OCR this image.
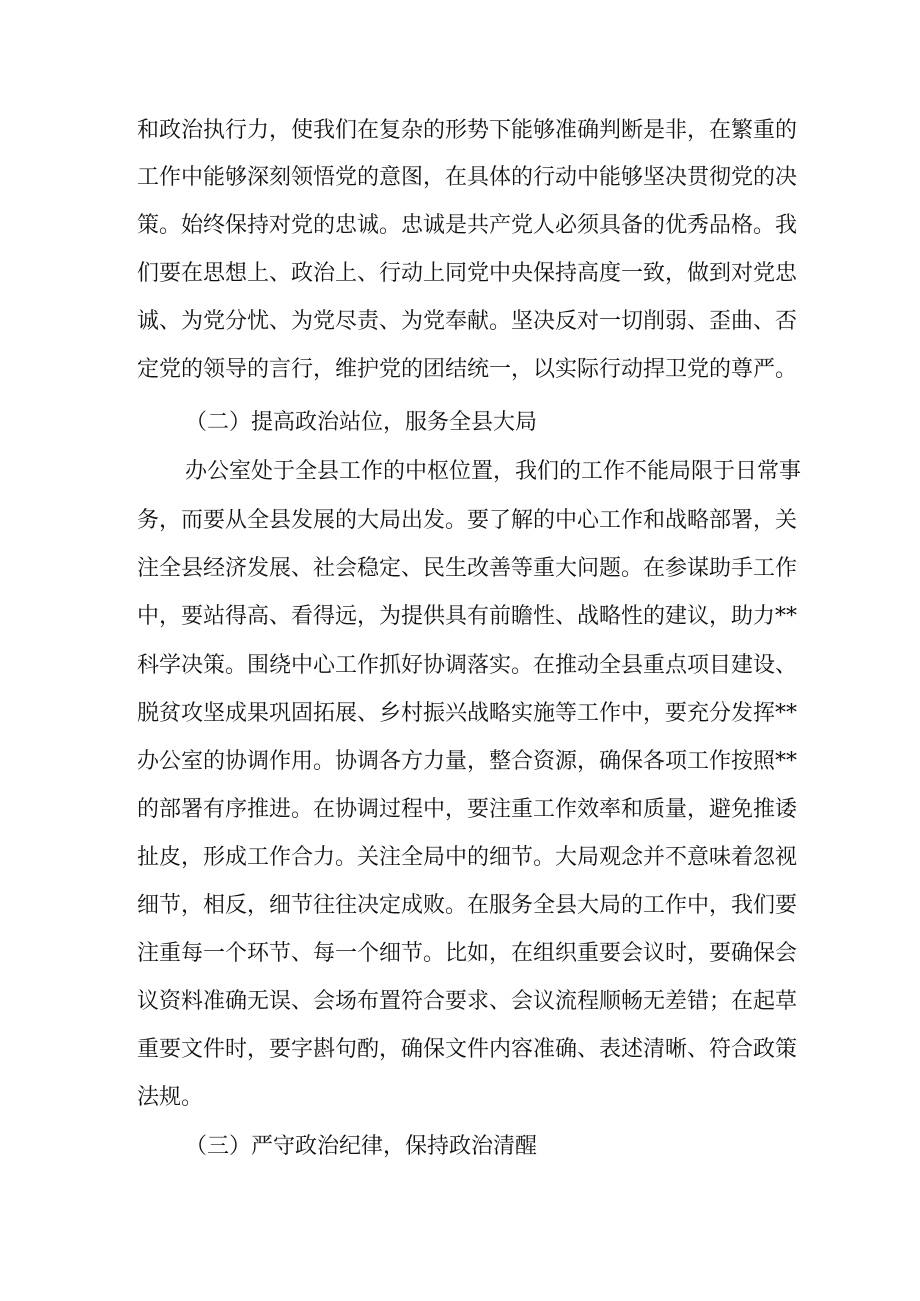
和政治执行力，使我们在复杂的形势下能够准确判断是非，在繁重的
工作中能够深刻领悟党的意图，在具体的行动中能够坚决贯彻党的决
策。始终保持对党的忠诚。忠诚是共产党人必须具备的优秀品格。我
们要在思想上、政治上、行动上同党中央保持高度一致，做到对党忠
诚、为党分忧、为党尽责、为党奉献。坚决反对一切削弱、歪曲、否
定党的领导的言行，维护党的团结统一，以实际行动捍卫党的尊严。
（二）提高政治站位，服务全县大局
办公室处于全县工作的中枢位置，我们的工作不能局限于日常事
务，而要从全县发展的大局出发。要了解的中心工作和战略部署，关
注全县经济发展、社会稳定、民生改善等重大问题。在参谋助手工作
中，要站得高、看得远，为提供具有前瞻性、战略性的建议，助力**
科学决策。围绕中心工作抓好协调落实。在推动全县重点项目建设、
脱贫攻坚成果巩固拓展、乡村振兴战略实施等工作中，要充分发挥**
办公室的协调作用。协调各方力量，整合资源，确保各项工作按照**
的部署有序推进。在协调过程中，要注重工作效率和质量，避免推诿
扯皮，形成工作合力。关注全局中的细节。大局观念并不意味着忽视
细节，相反，细节往往决定成败。在服务全县大局的工作中，我们要
注重每一个环节、每一个细节。比如，在组织重要会议时，要确保会
议资料准确无误、会场布置符合要求、会议流程顺畅无差错；在起草
重要文件时，要字斟句酌，确保文件内容准确、表述清晰、符合政策
法规。
（三）严守政治纪律，保持政治清醒
